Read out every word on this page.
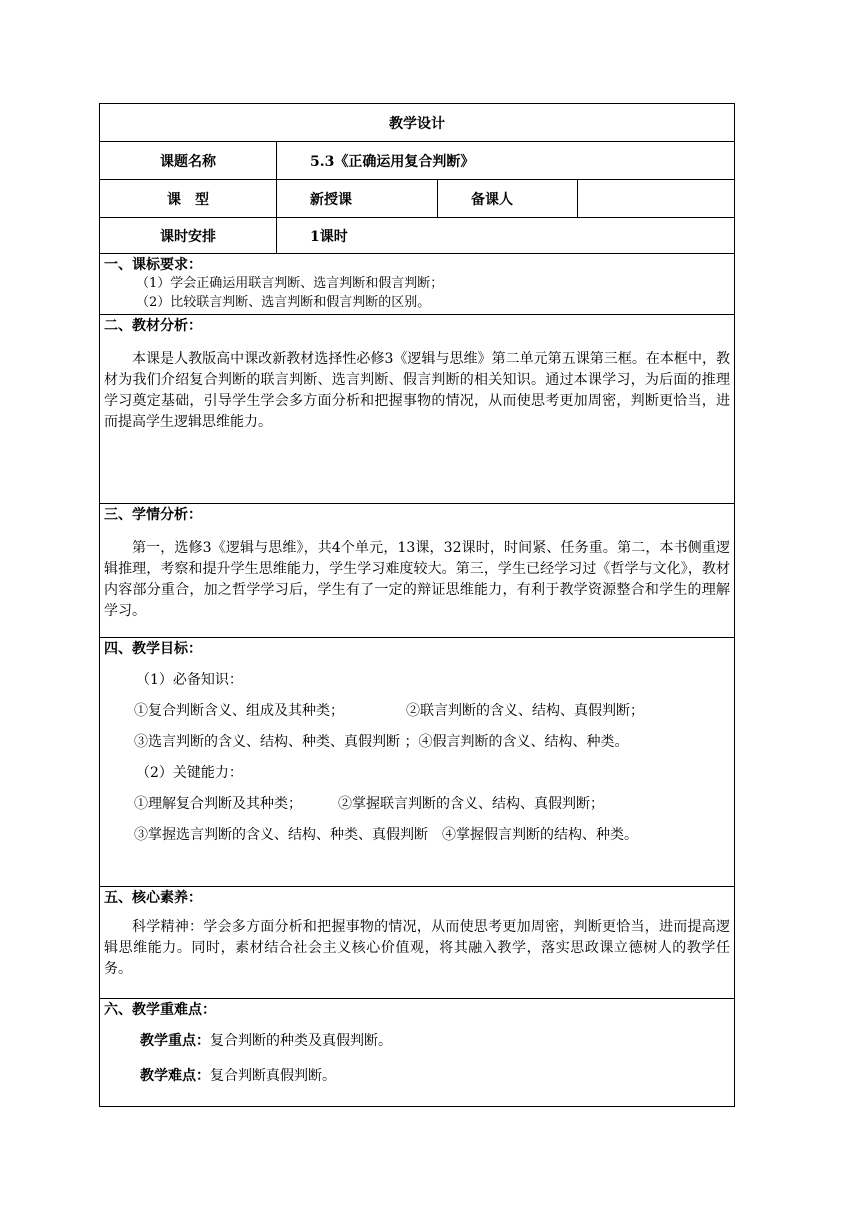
教学设计
课题名称	5.3《正确运用复合判断》
课　型	新授课	备课人
课时安排	1课时
一、课标要求：
（1）学会正确运用联言判断、选言判断和假言判断；
（2）比较联言判断、选言判断和假言判断的区别。
二、教材分析：

本课是人教版高中课改新教材选择性必修3《逻辑与思维》第二单元第五课第三框。在本框中，教材为我们介绍复合判断的联言判断、选言判断、假言判断的相关知识。通过本课学习，为后面的推理学习奠定基础，引导学生学会多方面分析和把握事物的情况，从而使思考更加周密，判断更恰当，进而提高学生逻辑思维能力。

三、学情分析：

第一，选修3《逻辑与思维》，共4个单元，13课，32课时，时间紧、任务重。第二，本书侧重逻辑推理，考察和提升学生思维能力，学生学习难度较大。第三，学生已经学习过《哲学与文化》，教材内容部分重合，加之哲学学习后，学生有了一定的辩证思维能力，有利于教学资源整合和学生的理解学习。

四、教学目标：
（1）必备知识：
①复合判断含义、组成及其种类；	②联言判断的含义、结构、真假判断；
③选言判断的含义、结构、种类、真假判断 ；④假言判断的含义、结构、种类。
（2）关键能力：
①理解复合判断及其种类；	②掌握联言判断的含义、结构、真假判断；
③掌握选言判断的含义、结构、种类、真假判断　④掌握假言判断的结构、种类。
五、核心素养：

科学精神：学会多方面分析和把握事物的情况，从而使思考更加周密，判断更恰当，进而提高逻辑思维能力。同时，素材结合社会主义核心价值观，将其融入教学，落实思政课立德树人的教学任务。

六、教学重难点：
教学重点：复合判断的种类及真假判断。
教学难点：复合判断真假判断。
